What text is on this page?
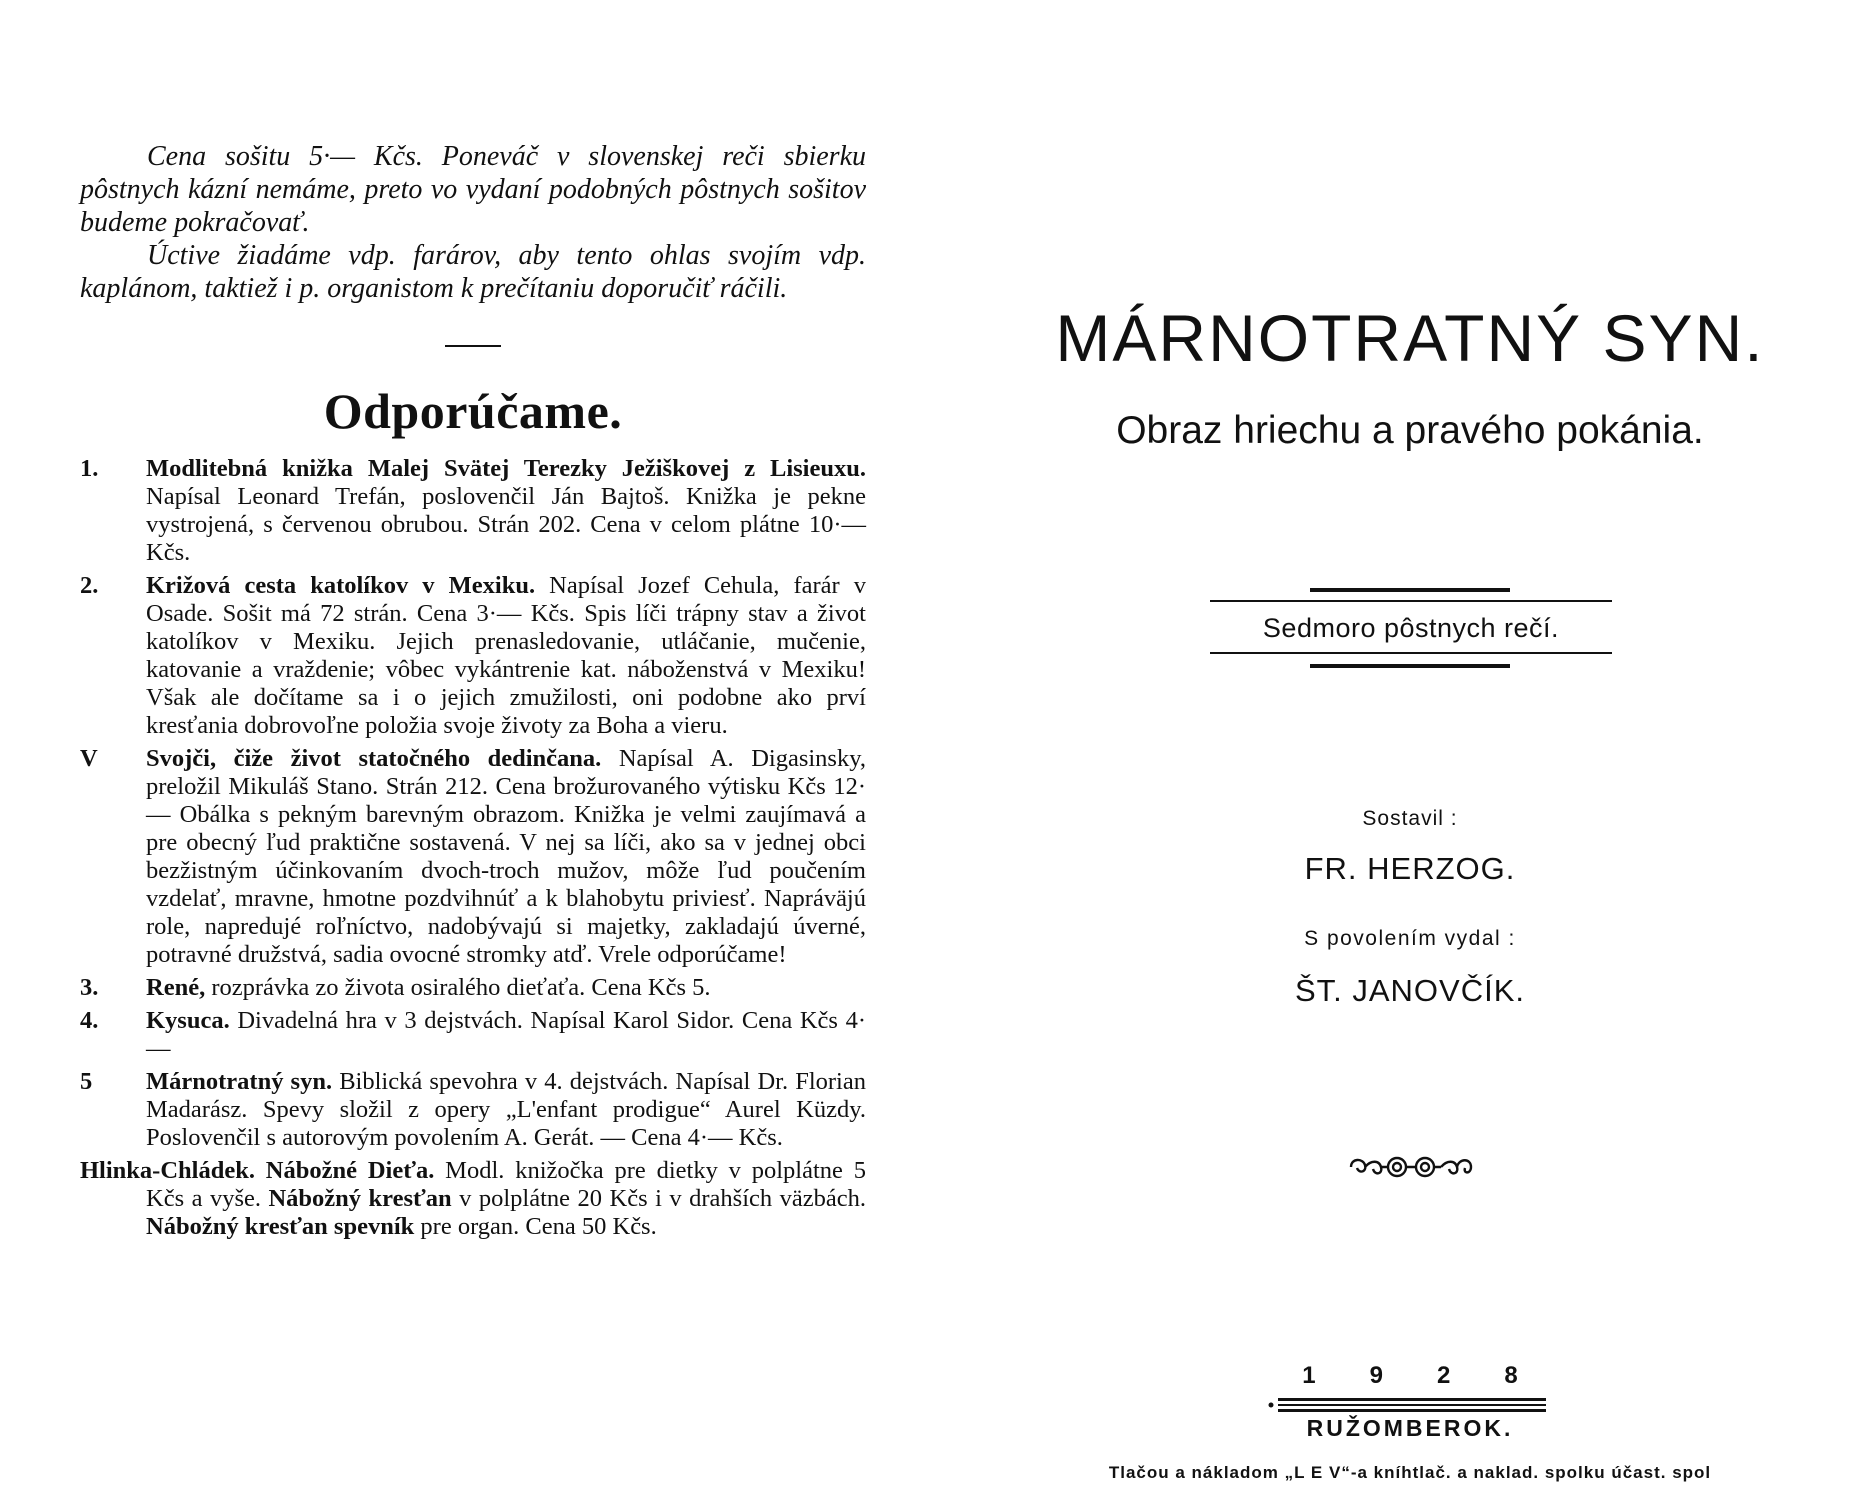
Cena sošitu 5·— Kčs. Poneváč v slovenskej reči sbierku pôstnych kázní nemáme, preto vo vydaní podobných pôstnych sošitov budeme pokračovať.

Úctive žiadáme vdp. farárov, aby tento ohlas svojím vdp. kaplánom, taktiež i p. organistom k prečítaniu doporučiť ráčili.

Odporúčame.
1. Modlitebná knižka Malej Svätej Terezky Ježiškovej z Lisieuxu. Napísal Leonard Trefán, poslovenčil Ján Bajtoš. Knižka je pekne vystrojená, s červenou obrubou. Strán 202. Cena v celom plátne 10·— Kčs.
2. Križová cesta katolíkov v Mexiku. Napísal Jozef Cehula, farár v Osade. Sošit má 72 strán. Cena 3·— Kčs. Spis líči trápny stav a život katolíkov v Mexiku. Jejich prenasledovanie, utláčanie, mučenie, katovanie a vraždenie; vôbec vykántrenie kat. náboženstvá v Mexiku! Však ale dočítame sa i o jejich zmužilosti, oni podobne ako prví kresťania dobrovoľne položia svoje životy za Boha a vieru.
V Svojči, čiže život statočného dedinčana. Napísal A. Digasinsky, preložil Mikuláš Stano. Strán 212. Cena brožurovaného výtisku Kčs 12·— Obálka s pekným barevným obrazom. Knižka je velmi zaujímavá a pre obecný ľud praktične sostavená. V nej sa líči, ako sa v jednej obci bezžistným účinkovaním dvoch-troch mužov, môže ľud poučením vzdelať, mravne, hmotne pozdvihnúť a k blahobytu priviesť. Napráväjú role, napredujé roľníctvo, nadobývajú si majetky, zakladajú úverné, potravné družstvá, sadia ovocné stromky atď. Vrele odporúčame!
3. René, rozprávka zo života osiralého dieťaťa. Cena Kčs 5.
4. Kysuca. Divadelná hra v 3 dejstvách. Napísal Karol Sidor. Cena Kčs 4·—
5 Márnotratný syn. Biblická spevohra v 4. dejstvách. Napísal Dr. Florian Madarász. Spevy složil z opery „L'enfant prodigue“ Aurel Küzdy. Poslovenčil s autorovým povolením A. Gerát. — Cena 4·— Kčs.
Hlinka-Chládek. Nábožné Dieťa. Modl. knižočka pre dietky v polplátne 5 Kčs a vyše. Nábožný kresťan v polplátne 20 Kčs i v drahších väzbách. Nábožný kresťan spevník pre organ. Cena 50 Kčs.
MÁRNOTRATNÝ SYN.
Obraz hriechu a pravého pokánia.
Sedmoro pôstnych rečí.
Sostavil :
FR. HERZOG.
S povolením vydal :
ŠT. JANOVČÍK.
1928
RUŽOMBEROK.
Tlačou a nákladom „L E V“-a kníhtlač. a naklad. spolku účast. spol
